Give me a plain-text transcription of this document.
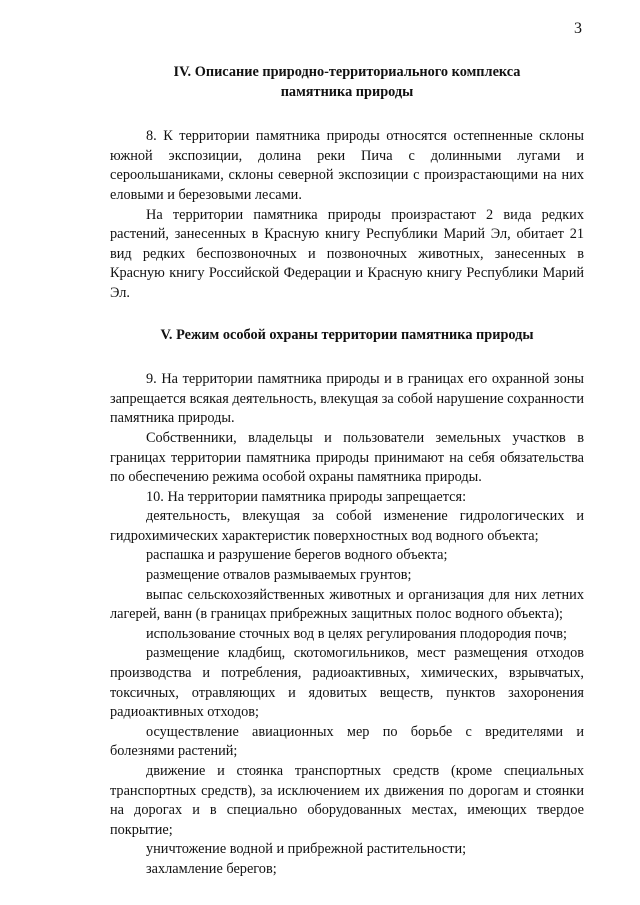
3
IV. Описание природно-территориального комплекса
памятника природы

8. К территории памятника природы относятся остепненные склоны южной экспозиции, долина реки Пича с долинными лугами и сероольшаниками, склоны северной экспозиции с произрастающими на них еловыми и березовыми лесами.

На территории памятника природы произрастают 2 вида редких растений, занесенных в Красную книгу Республики Марий Эл, обитает 21 вид редких беспозвоночных и позвоночных животных, занесенных в Красную книгу Российской Федерации и Красную книгу Республики Марий Эл.

V. Режим особой охраны территории памятника природы

9. На территории памятника природы и в границах его охранной зоны запрещается всякая деятельность, влекущая за собой нарушение сохранности памятника природы.

Собственники, владельцы и пользователи земельных участков в границах территории памятника природы принимают на себя обязательства по обеспечению режима особой охраны памятника природы.

10. На территории памятника природы запрещается:

деятельность, влекущая за собой изменение гидрологических и гидрохимических характеристик поверхностных вод водного объекта;

распашка и разрушение берегов водного объекта;

размещение отвалов размываемых грунтов;

выпас сельскохозяйственных животных и организация для них летних лагерей, ванн (в границах прибрежных защитных полос водного объекта);

использование сточных вод в целях регулирования плодородия почв;

размещение кладбищ, скотомогильников, мест размещения отходов производства и потребления, радиоактивных, химических, взрывчатых, токсичных, отравляющих и ядовитых веществ, пунктов захоронения радиоактивных отходов;

осуществление авиационных мер по борьбе с вредителями и болезнями растений;

движение и стоянка транспортных средств (кроме специальных транспортных средств), за исключением их движения по дорогам и стоянки на дорогах и в специально оборудованных местах, имеющих твердое покрытие;

уничтожение водной и прибрежной растительности;

захламление берегов;
